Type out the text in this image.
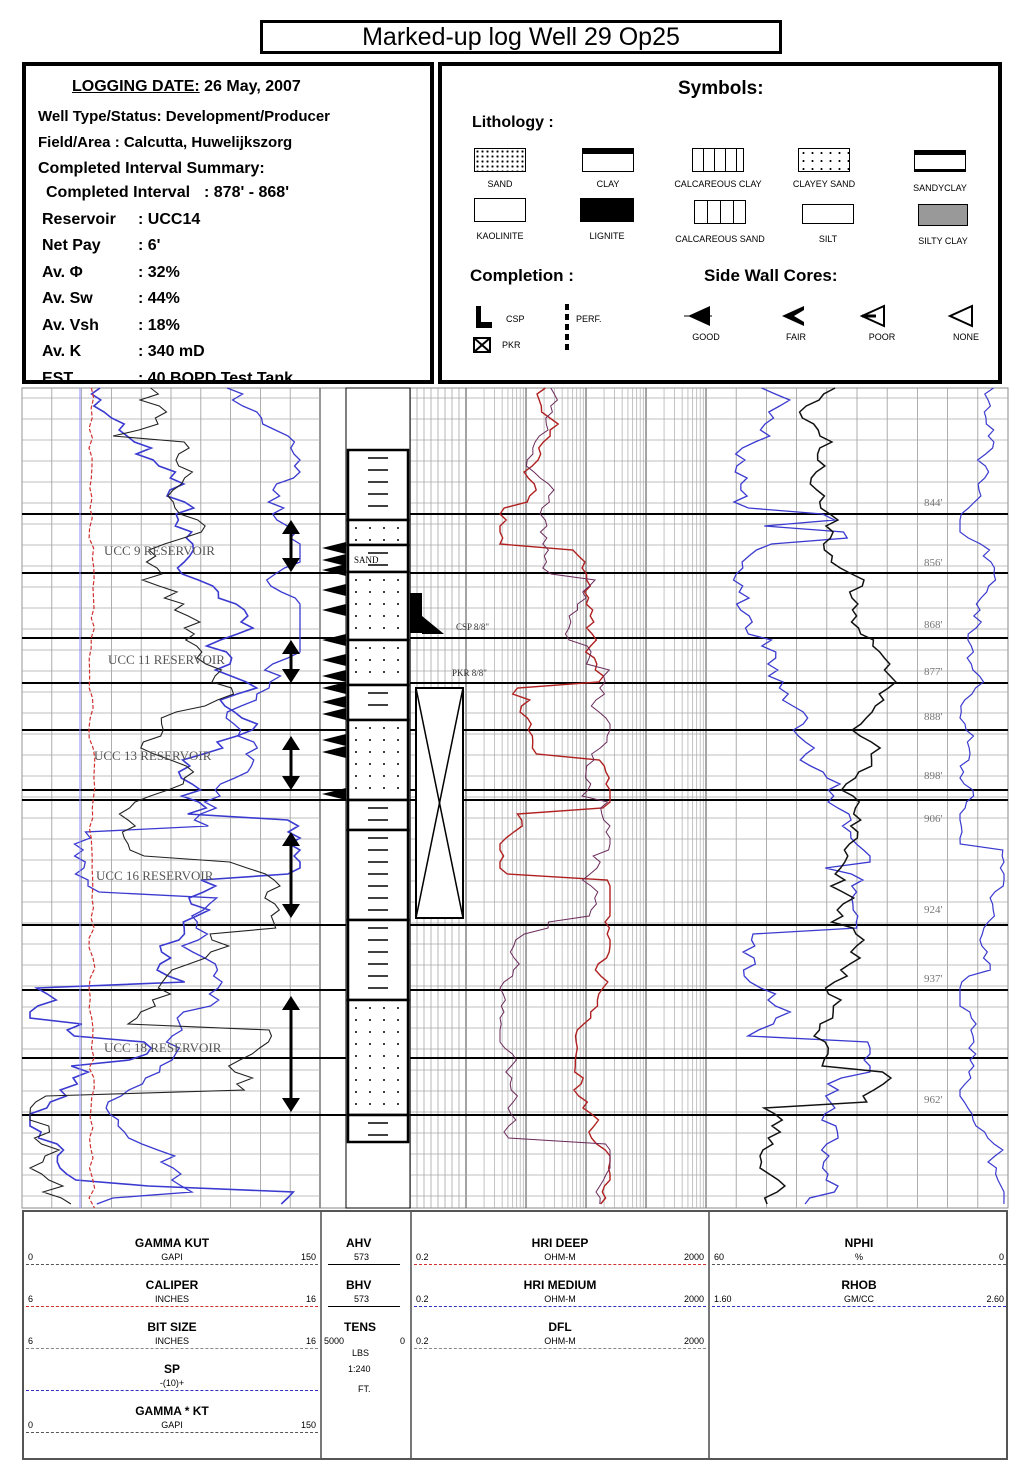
Marked-up log Well 29 Op25
LOGGING DATE: 26 May, 2007
Well Type/Status: Development/Producer
Field/Area : Calcutta, Huwelijkszorg
Completed Interval Summary:
Completed Interval : 878' - 868'
Reservoir : UCC14
Net Pay : 6'
Av. Φ	: 32%
Av. Sw	: 44%
Av. Vsh : 18%
Av. K	: 340 mD
EST.	: 40 BOPD Test Tank
Symbols:
Lithology :
SAND	CLAY	CALCAREOUS CLAY	CLAYEY SAND	SANDYCLAY
KAOLINITE	LIGNITE	CALCAREOUS SAND	SILT	SILTY CLAY
Completion :	Side Wall Cores:
CSP	PERF.
PKR
GOOD	FAIR	POOR	NONE
SAND
CSP 8/8"
PKR 8/8"
UCC 9 RESERVOIR
UCC 11 RESERVOIR
UCC 13 RESERVOIR
UCC 16 RESERVOIR
UCC 18 RESERVOIR
844'
856'
868'
877'
888'
898'
906'
924'
937'
962'
GAMMA KUT
GAPI
0	150
CALIPER
INCHES
6	16
BIT SIZE
INCHES
6	16
SP
-(10)+
GAMMA * KT
GAPI
0	150
HRI DEEP
OHM-M
0.2	2000
HRI MEDIUM
OHM-M
0.2	2000
DFL
OHM-M
0.2	2000
NPHI
%
60	0
RHOB
GM/CC
1.60	2.60
AHV
573
BHV
573
TENS
5000	0
LBS
1:240
FT.
